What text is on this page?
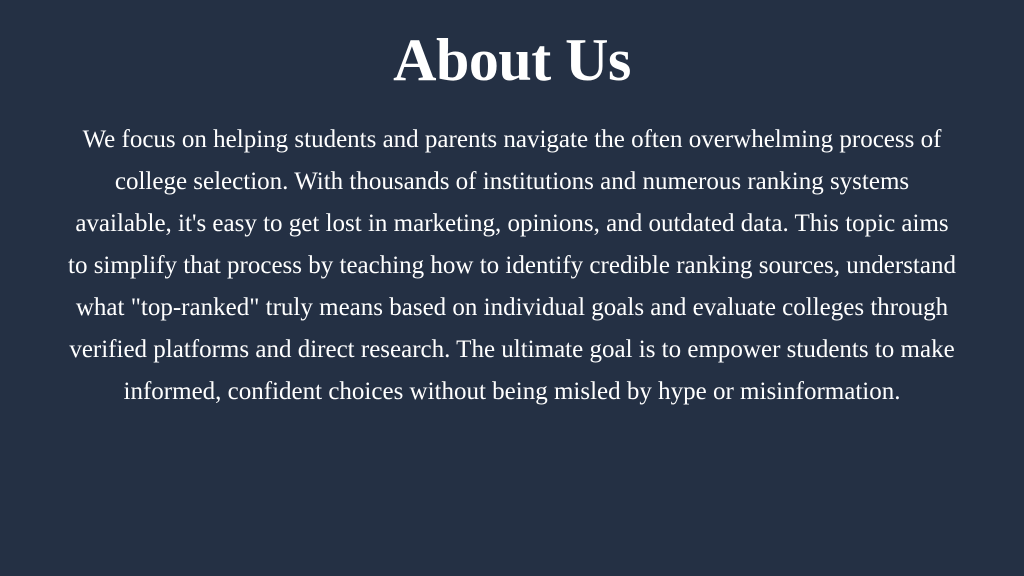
About Us

We focus on helping students and parents navigate the often overwhelming process of college selection. With thousands of institutions and numerous ranking systems available, it's easy to get lost in marketing, opinions, and outdated data. This topic aims to simplify that process by teaching how to identify credible ranking sources, understand what "top-ranked" truly means based on individual goals and evaluate colleges through verified platforms and direct research. The ultimate goal is to empower students to make informed, confident choices without being misled by hype or misinformation.
